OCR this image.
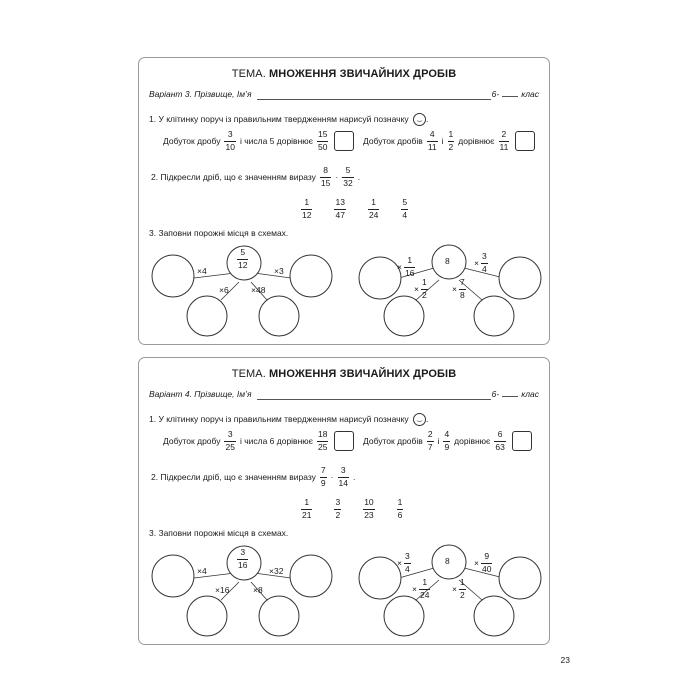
ТЕМА. МНОЖЕННЯ ЗВИЧАЙНИХ ДРОБІВ
Варіант 3. Прізвище, Ім’я	6-	клас
1. У клітинку поруч із правильним твердженням нарисуй позначку ‿ .
Добуток дробу $\frac{3}{10}$ і числа 5 дорівнює $\frac{15}{50}$	Добуток дробів $\frac{4}{11}$ і $\frac{1}{2}$ дорівнює $\frac{2}{11}$
2. Підкресли дріб, що є значенням виразу $\frac{8}{15} \cdot \frac{5}{32}$ .
$\frac{1}{12}$	$\frac{13}{47}$	$\frac{1}{24}$	$\frac{5}{4}$
3. Заповни порожні місця в схемах.
$\frac{5}{12}$
×4	×3
×6	×48
8
× $\frac{1}{16}$	× $\frac{3}{4}$
× $\frac{1}{2}$	× $\frac{7}{8}$
ТЕМА. МНОЖЕННЯ ЗВИЧАЙНИХ ДРОБІВ
Варіант 4. Прізвище, Ім’я	6-	клас
1. У клітинку поруч із правильним твердженням нарисуй позначку ‿ .
Добуток дробу $\frac{3}{25}$ і числа 6 дорівнює $\frac{18}{25}$	Добуток дробів $\frac{2}{7}$ і $\frac{4}{9}$ дорівнює $\frac{6}{63}$
2. Підкресли дріб, що є значенням виразу $\frac{7}{9} \cdot \frac{3}{14}$ .
$\frac{1}{21}$	$\frac{3}{2}$	$\frac{10}{23}$	$\frac{1}{6}$
3. Заповни порожні місця в схемах.
$\frac{3}{16}$
×4	×32
×16	×8
8
× $\frac{3}{4}$	× $\frac{9}{40}$
× $\frac{1}{24}$	× $\frac{1}{2}$
23
